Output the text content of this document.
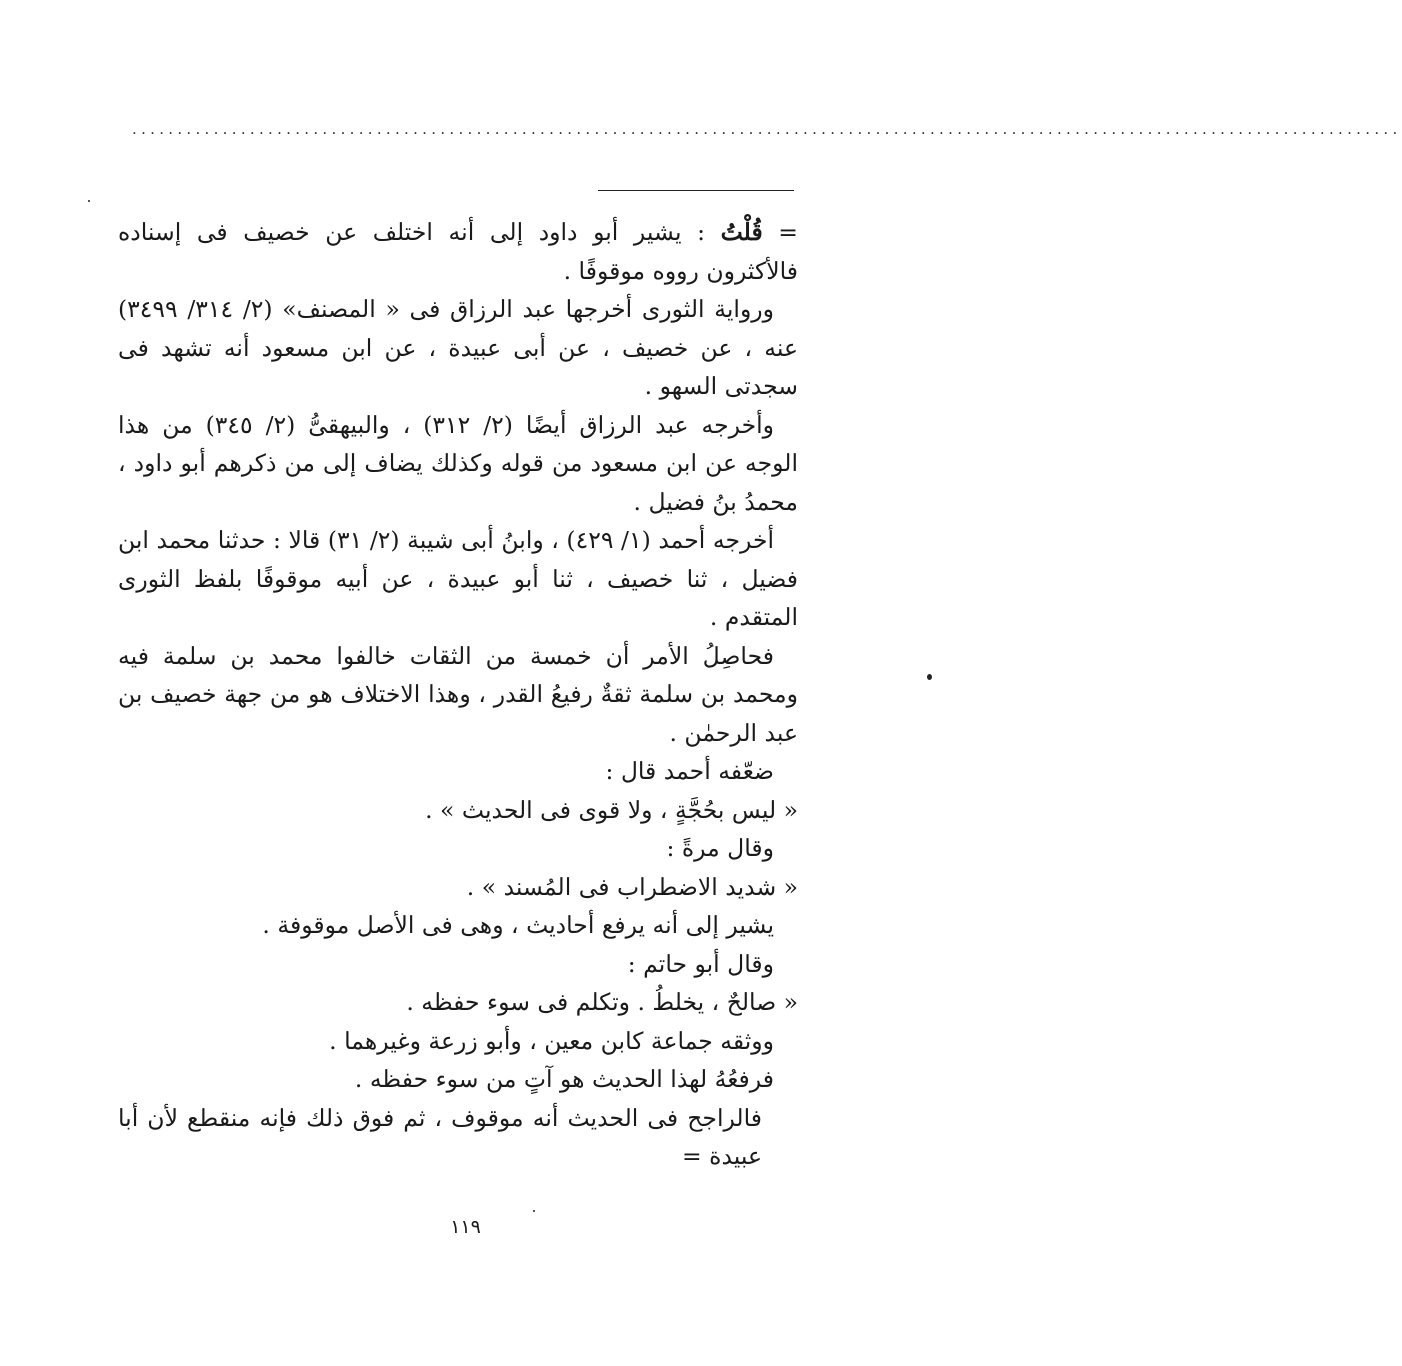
............................................................................................................................................

= قُلْتُ : يشير أبو داود إلى أنه اختلف عن خصيف فى إسناده فالأكثرون رووه موقوفًا .

ورواية الثورى أخرجها عبد الرزاق فى « المصنف» (٢/ ٣١٤/ ٣٤٩٩) عنه ، عن خصيف ، عن أبى عبيدة ، عن ابن مسعود أنه تشهد فى سجدتى السهو .

وأخرجه عبد الرزاق أيضًا (٢/ ٣١٢) ، والبيهقىُّ (٢/ ٣٤٥) من هذا الوجه عن ابن مسعود من قوله وكذلك يضاف إلى من ذكرهم أبو داود ، محمدُ بنُ فضيل .

أخرجه أحمد (١/ ٤٢٩) ، وابنُ أبى شيبة (٢/ ٣١) قالا : حدثنا محمد ابن فضيل ، ثنا خصيف ، ثنا أبو عبيدة ، عن أبيه موقوفًا بلفظ الثورى المتقدم .

فحاصِلُ الأمر أن خمسة من الثقات خالفوا محمد بن سلمة فيه ومحمد بن سلمة ثقةٌ رفيعُ القدر ، وهذا الاختلاف هو من جهة خصيف بن عبد الرحمٰن .

ضعّفه أحمد قال :

« ليس بحُجَّةٍ ، ولا قوى فى الحديث » .

وقال مرةً :

« شديد الاضطراب فى المُسند » .

يشير إلى أنه يرفع أحاديث ، وهى فى الأصل موقوفة .

وقال أبو حاتم :

« صالحٌ ، يخلطُ . وتكلم فى سوء حفظه .

ووثقه جماعة كابن معين ، وأبو زرعة وغيرهما .

فرفعُهُ لهذا الحديث هو آتٍ من سوء حفظه .

فالراجح فى الحديث أنه موقوف ، ثم فوق ذلك فإنه منقطع لأن أبا عبيدة =

١١٩
